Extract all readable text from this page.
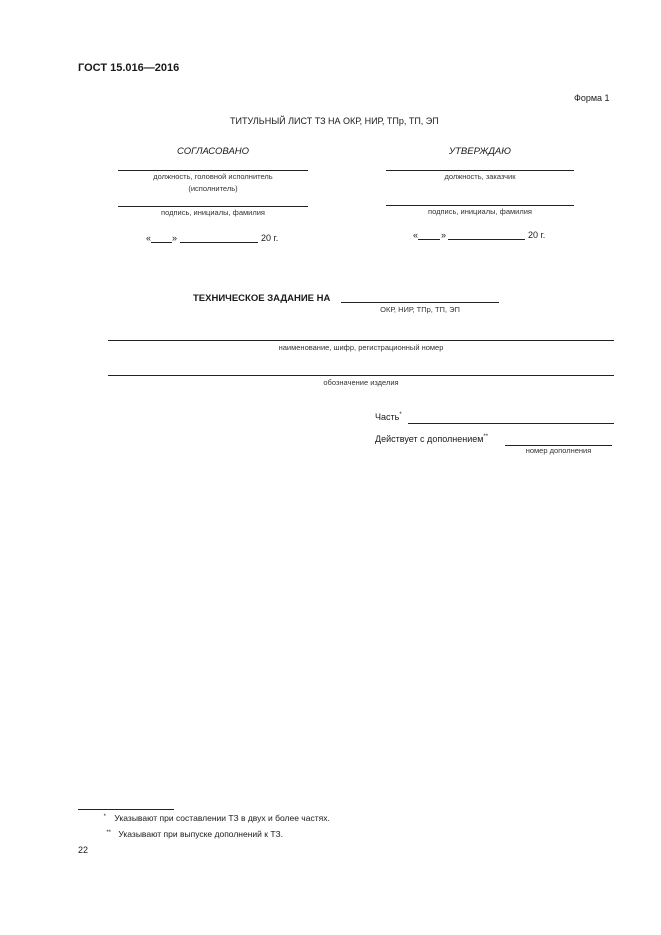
ГОСТ 15.016—2016
Форма 1
ТИТУЛЬНЫЙ ЛИСТ ТЗ НА ОКР, НИР, ТПр, ТП, ЭП
СОГЛАСОВАНО
должность, головной исполнитель
(исполнитель)
подпись, инициалы, фамилия
« »	20 г.
УТВЕРЖДАЮ
должность, заказчик
подпись, инициалы, фамилия
«	»	20 г.
ТЕХНИЧЕСКОЕ ЗАДАНИЕ НА
ОКР, НИР, ТПр, ТП, ЭП
наименование, шифр, регистрационный номер
обозначение изделия
Часть*
Действует с дополнением**
номер дополнения
* Указывают при составлении ТЗ в двух и более частях.
** Указывают при выпуске дополнений к ТЗ.
22
